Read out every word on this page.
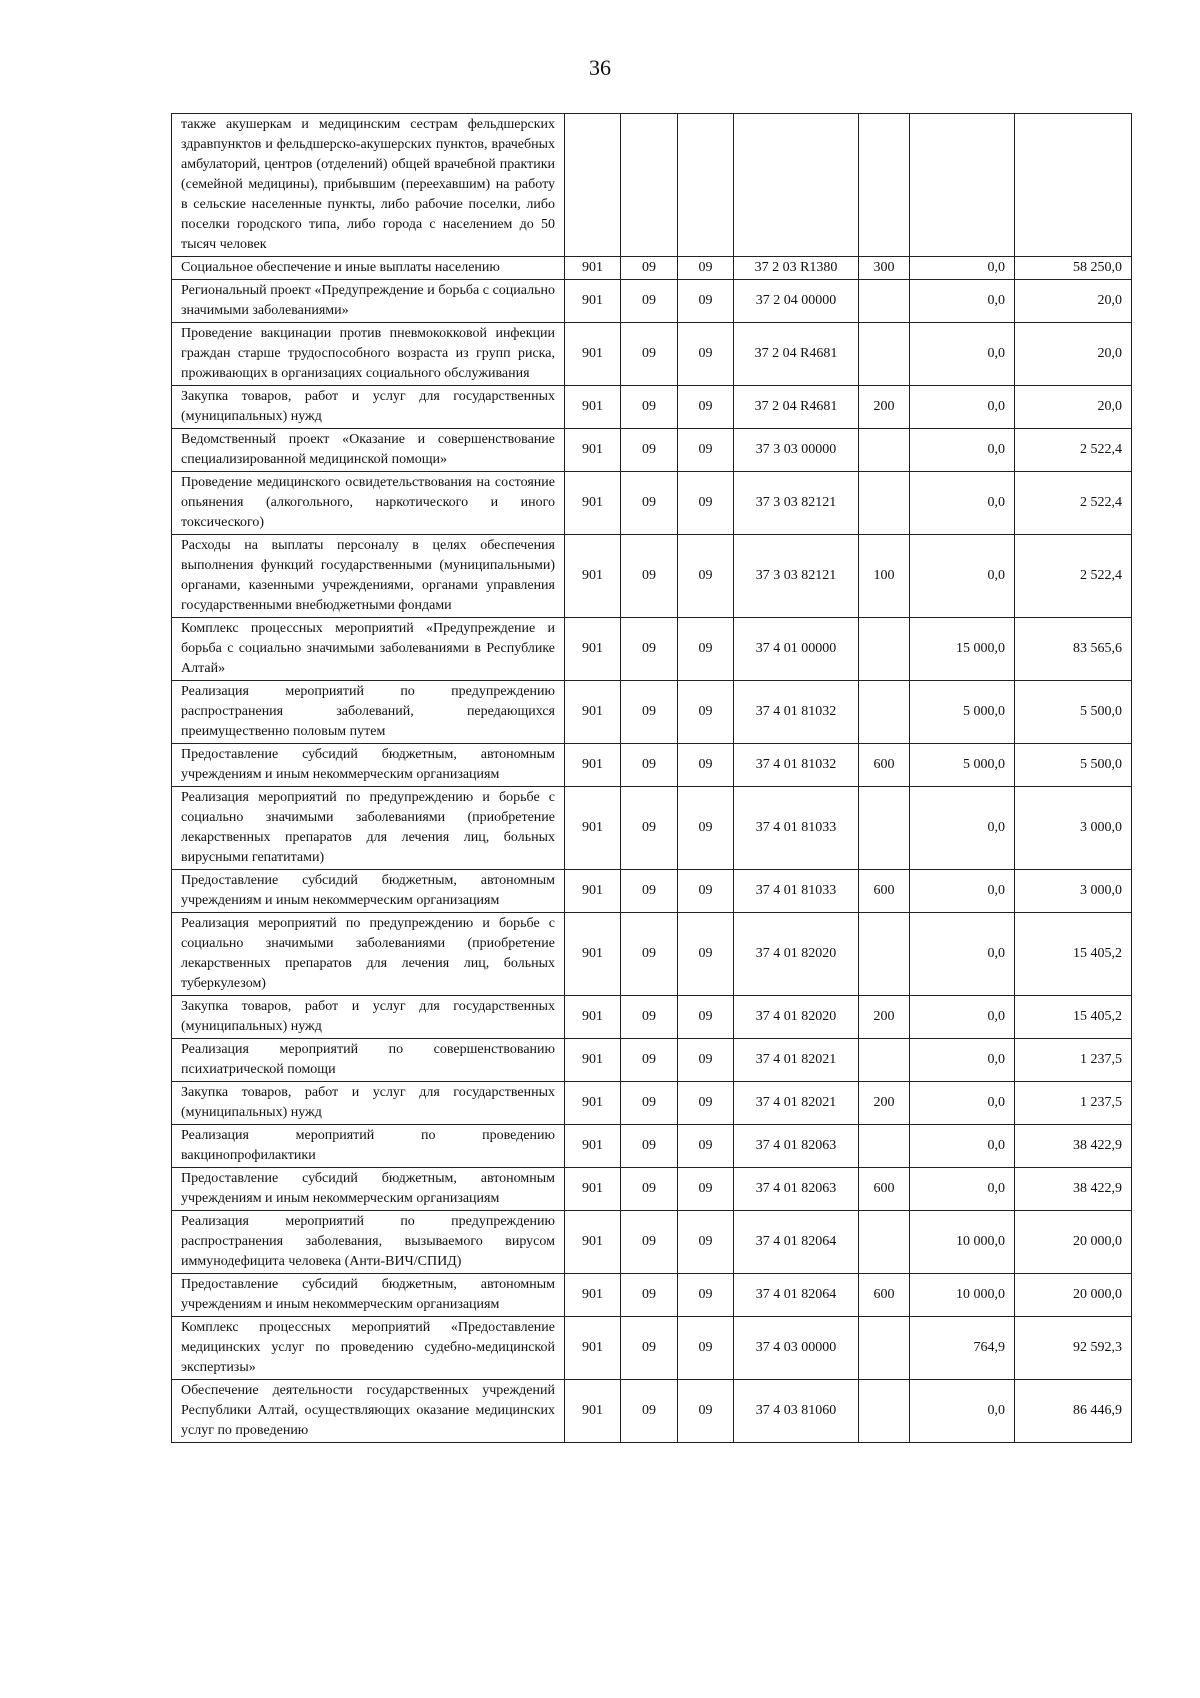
36
также акушеркам и медицинским сестрам фельдшерских здравпунктов и фельдшерско-акушерских пунктов, врачебных амбулаторий, центров (отделений) общей врачебной практики (семейной медицины), прибывшим (переехавшим) на работу в сельские населенные пункты, либо рабочие поселки, либо поселки городского типа, либо города с населением до 50 тысяч человек							
Социальное обеспечение и иные выплаты населению	901	09	09	37 2 03 R1380	300	0,0	58 250,0
Региональный проект «Предупреждение и борьба с социально значимыми заболеваниями»	901	09	09	37 2 04 00000		0,0	20,0
Проведение вакцинации против пневмококковой инфекции граждан старше трудоспособного возраста из групп риска, проживающих в организациях социального обслуживания	901	09	09	37 2 04 R4681		0,0	20,0
Закупка товаров, работ и услуг для государственных (муниципальных) нужд	901	09	09	37 2 04 R4681	200	0,0	20,0
Ведомственный проект «Оказание и совершенствование специализированной медицинской помощи»	901	09	09	37 3 03 00000		0,0	2 522,4
Проведение медицинского освидетельствования на состояние опьянения (алкогольного, наркотического и иного токсического)	901	09	09	37 3 03 82121		0,0	2 522,4
Расходы на выплаты персоналу в целях обеспечения выполнения функций государственными (муниципальными) органами, казенными учреждениями, органами управления государственными внебюджетными фондами	901	09	09	37 3 03 82121	100	0,0	2 522,4
Комплекс процессных мероприятий «Предупреждение и борьба с социально значимыми заболеваниями в Республике Алтай»	901	09	09	37 4 01 00000		15 000,0	83 565,6
Реализация мероприятий по предупреждению распространения заболеваний, передающихся преимущественно половым путем	901	09	09	37 4 01 81032		5 000,0	5 500,0
Предоставление субсидий бюджетным, автономным учреждениям и иным некоммерческим организациям	901	09	09	37 4 01 81032	600	5 000,0	5 500,0
Реализация мероприятий по предупреждению и борьбе с социально значимыми заболеваниями (приобретение лекарственных препаратов для лечения лиц, больных вирусными гепатитами)	901	09	09	37 4 01 81033		0,0	3 000,0
Предоставление субсидий бюджетным, автономным учреждениям и иным некоммерческим организациям	901	09	09	37 4 01 81033	600	0,0	3 000,0
Реализация мероприятий по предупреждению и борьбе с социально значимыми заболеваниями (приобретение лекарственных препаратов для лечения лиц, больных туберкулезом)	901	09	09	37 4 01 82020		0,0	15 405,2
Закупка товаров, работ и услуг для государственных (муниципальных) нужд	901	09	09	37 4 01 82020	200	0,0	15 405,2
Реализация мероприятий по совершенствованию психиатрической помощи	901	09	09	37 4 01 82021		0,0	1 237,5
Закупка товаров, работ и услуг для государственных (муниципальных) нужд	901	09	09	37 4 01 82021	200	0,0	1 237,5
Реализация мероприятий по проведению вакцинопрофилактики	901	09	09	37 4 01 82063		0,0	38 422,9
Предоставление субсидий бюджетным, автономным учреждениям и иным некоммерческим организациям	901	09	09	37 4 01 82063	600	0,0	38 422,9
Реализация мероприятий по предупреждению распространения заболевания, вызываемого вирусом иммунодефицита человека (Анти-ВИЧ/СПИД)	901	09	09	37 4 01 82064		10 000,0	20 000,0
Предоставление субсидий бюджетным, автономным учреждениям и иным некоммерческим организациям	901	09	09	37 4 01 82064	600	10 000,0	20 000,0
Комплекс процессных мероприятий «Предоставление медицинских услуг по проведению судебно-медицинской экспертизы»	901	09	09	37 4 03 00000		764,9	92 592,3
Обеспечение деятельности государственных учреждений Республики Алтай, осуществляющих оказание медицинских услуг по проведению	901	09	09	37 4 03 81060		0,0	86 446,9
